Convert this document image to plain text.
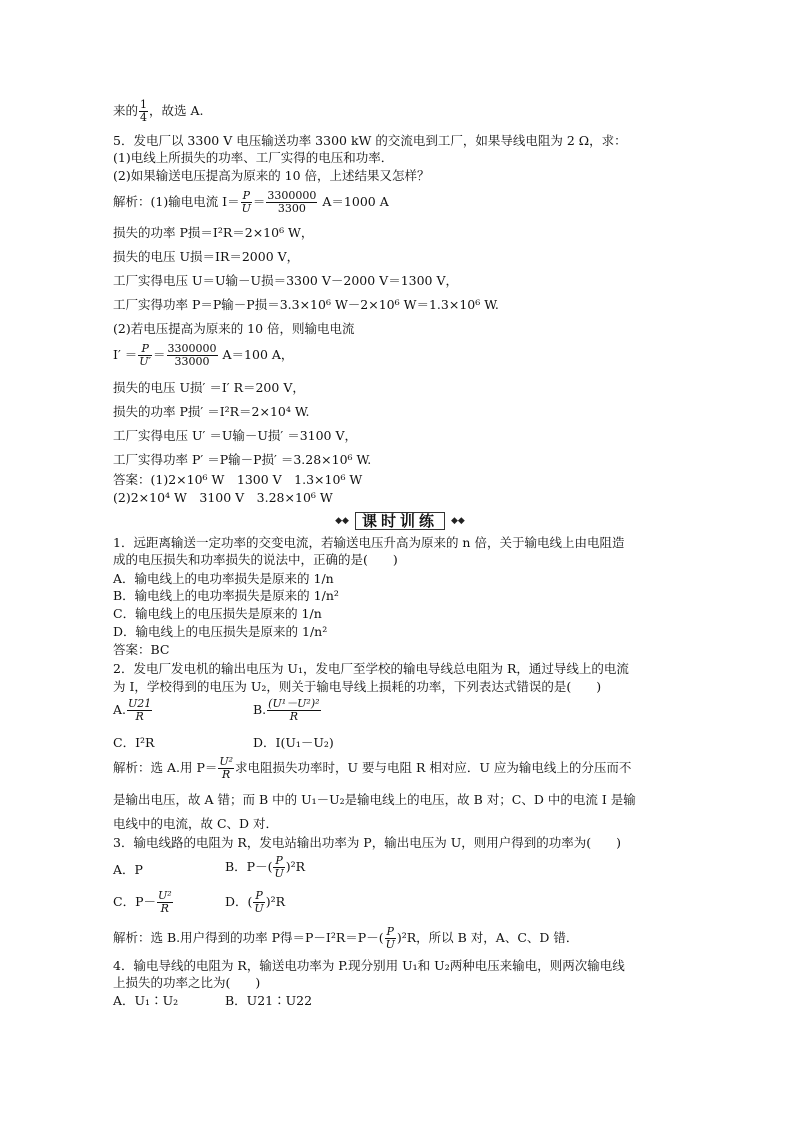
来的 $\frac{1}{4}$ ，故选 A.
5．发电厂以 3300 V 电压输送功率 3300 kW 的交流电到工厂，如果导线电阻为 2 Ω，求：
(1)电线上所损失的功率、工厂实得的电压和功率．
(2)如果输送电压提高为原来的 10 倍，上述结果又怎样？
解析：(1)输电电流 $I= \frac{P}{U} = \frac{3300000}{3300} A=1000$ A
损失的功率 P损＝I²R＝2×10⁶ W，
损失的电压 U损＝IR＝2000 V，
工厂实得电压 U＝U输－U损＝3300 V－2000 V＝1300 V，
工厂实得功率 P＝P输－P损＝3.3×10⁶ W－2×10⁶ W＝1.3×10⁶ W.
(2)若电压提高为原来的 10 倍，则输电电流
$I' = \frac{P}{U'} = \frac{3300000}{33000} A=100$ A，
损失的电压 U损′ ＝I′ R＝200 V，
损失的功率 P损′ ＝I²R＝2×10⁴ W.
工厂实得电压 U′ ＝U输－U损′ ＝3100 V，
工厂实得功率 P′ ＝P输－P损′ ＝3.28×10⁶ W.
答案：(1)2×10⁶ W　1300 V　1.3×10⁶ W
(2)2×10⁴ W　3100 V　3.28×10⁶ W
◆◆ 课时训练	◆◆
1．远距离输送一定功率的交变电流，若输送电压升高为原来的 n 倍，关于输电线上由电阻造
成的电压损失和功率损失的说法中，正确的是(　　)
A．输电线上的电功率损失是原来的 1/n
B．输电线上的电功率损失是原来的 1/n²
C．输电线上的电压损失是原来的 1/n
D．输电线上的电压损失是原来的 1/n²
答案：BC
2．发电厂发电机的输出电压为 U₁，发电厂至学校的输电导线总电阻为 R，通过导线上的电流
为 I，学校得到的电压为 U₂，则关于输电导线上损耗的功率，下列表达式错误的是(　　)
A. $\frac{U21}{R}$	B. $\frac{\text{(U¹－U²)²}}{R}$
C．I²R	D．I(U₁－U₂)
解析：选 A.用 $P= \frac{\text{U²}}{R}$ 求电阻损失功率时，U 要与电阻 R 相对应．U 应为输电线上的分压而不
是输出电压，故 A 错；而 B 中的 U₁－U₂是输电线上的电压，故 B 对；C、D 中的电流 I 是输
电线中的电流，故 C、D 对．
3．输电线路的电阻为 R，发电站输出功率为 P，输出电压为 U，则用户得到的功率为(　　)
A．P	B．$P-( \frac{P}{U} )^2R$
C．$P- \frac{\text{U²}}{R}$	D．( $\frac{P}{U} )^2R$
解析：选 B.用户得到的功率 P得$=P-I^2R=P-( \frac{P}{U} )^2R$，所以 B 对，A、C、D 错．
4．输电导线的电阻为 R，输送电功率为 P.现分别用 U₁和 U₂两种电压来输电，则两次输电线
上损失的功率之比为(　　)
A．U₁∶U₂	B．U21∶U22
